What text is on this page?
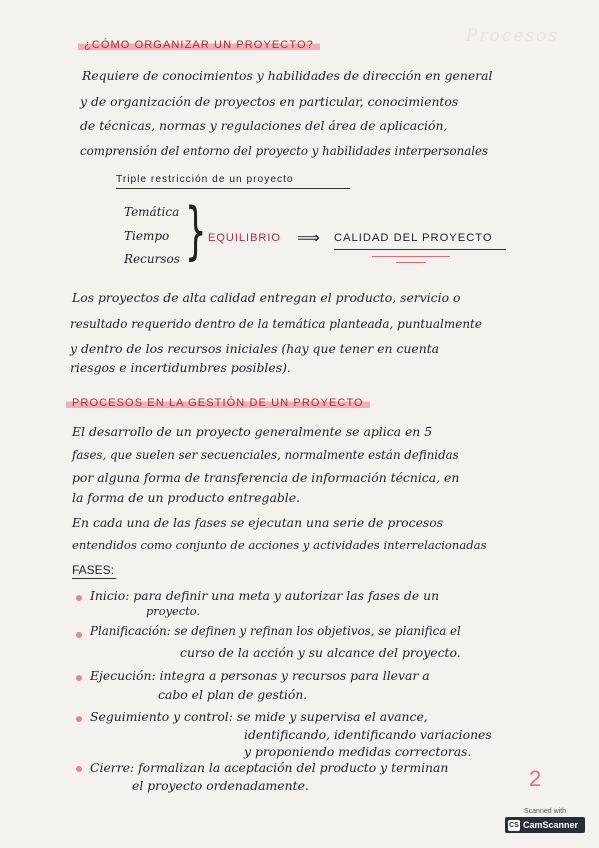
Procesos
¿CÓMO ORGANIZAR UN PROYECTO?
Requiere de conocimientos y habilidades de dirección en general
y de organización de proyectos en particular, conocimientos
de técnicas, normas y regulaciones del área de aplicación,
comprensión del entorno del proyecto y habilidades interpersonales
Triple restricción de un proyecto
Temática
Tiempo
Recursos } EQUILIBRIO ⟹ CALIDAD DEL PROYECTO
Los proyectos de alta calidad entregan el producto, servicio o
resultado requerido dentro de la temática planteada, puntualmente
y dentro de los recursos iniciales (hay que tener en cuenta
riesgos e incertidumbres posibles).
PROCESOS EN LA GESTIÓN DE UN PROYECTO
El desarrollo de un proyecto generalmente se aplica en 5
fases, que suelen ser secuenciales, normalmente están definidas
por alguna forma de transferencia de información técnica, en
la forma de un producto entregable.
En cada una de las fases se ejecutan una serie de procesos
entendidos como conjunto de acciones y actividades interrelacionadas
FASES:
Inicio: para definir una meta y autorizar las fases de un
proyecto.
Planificación: se definen y refinan los objetivos, se planifica el
curso de la acción y su alcance del proyecto.
Ejecución: integra a personas y recursos para llevar a
cabo el plan de gestión.
Seguimiento y control: se mide y supervisa el avance,
identificando, identificando variaciones
y proponiendo medidas correctoras.
Cierre: formalizan la aceptación del producto y terminan
el proyecto ordenadamente.	2
Scanned with
CS CamScanner
